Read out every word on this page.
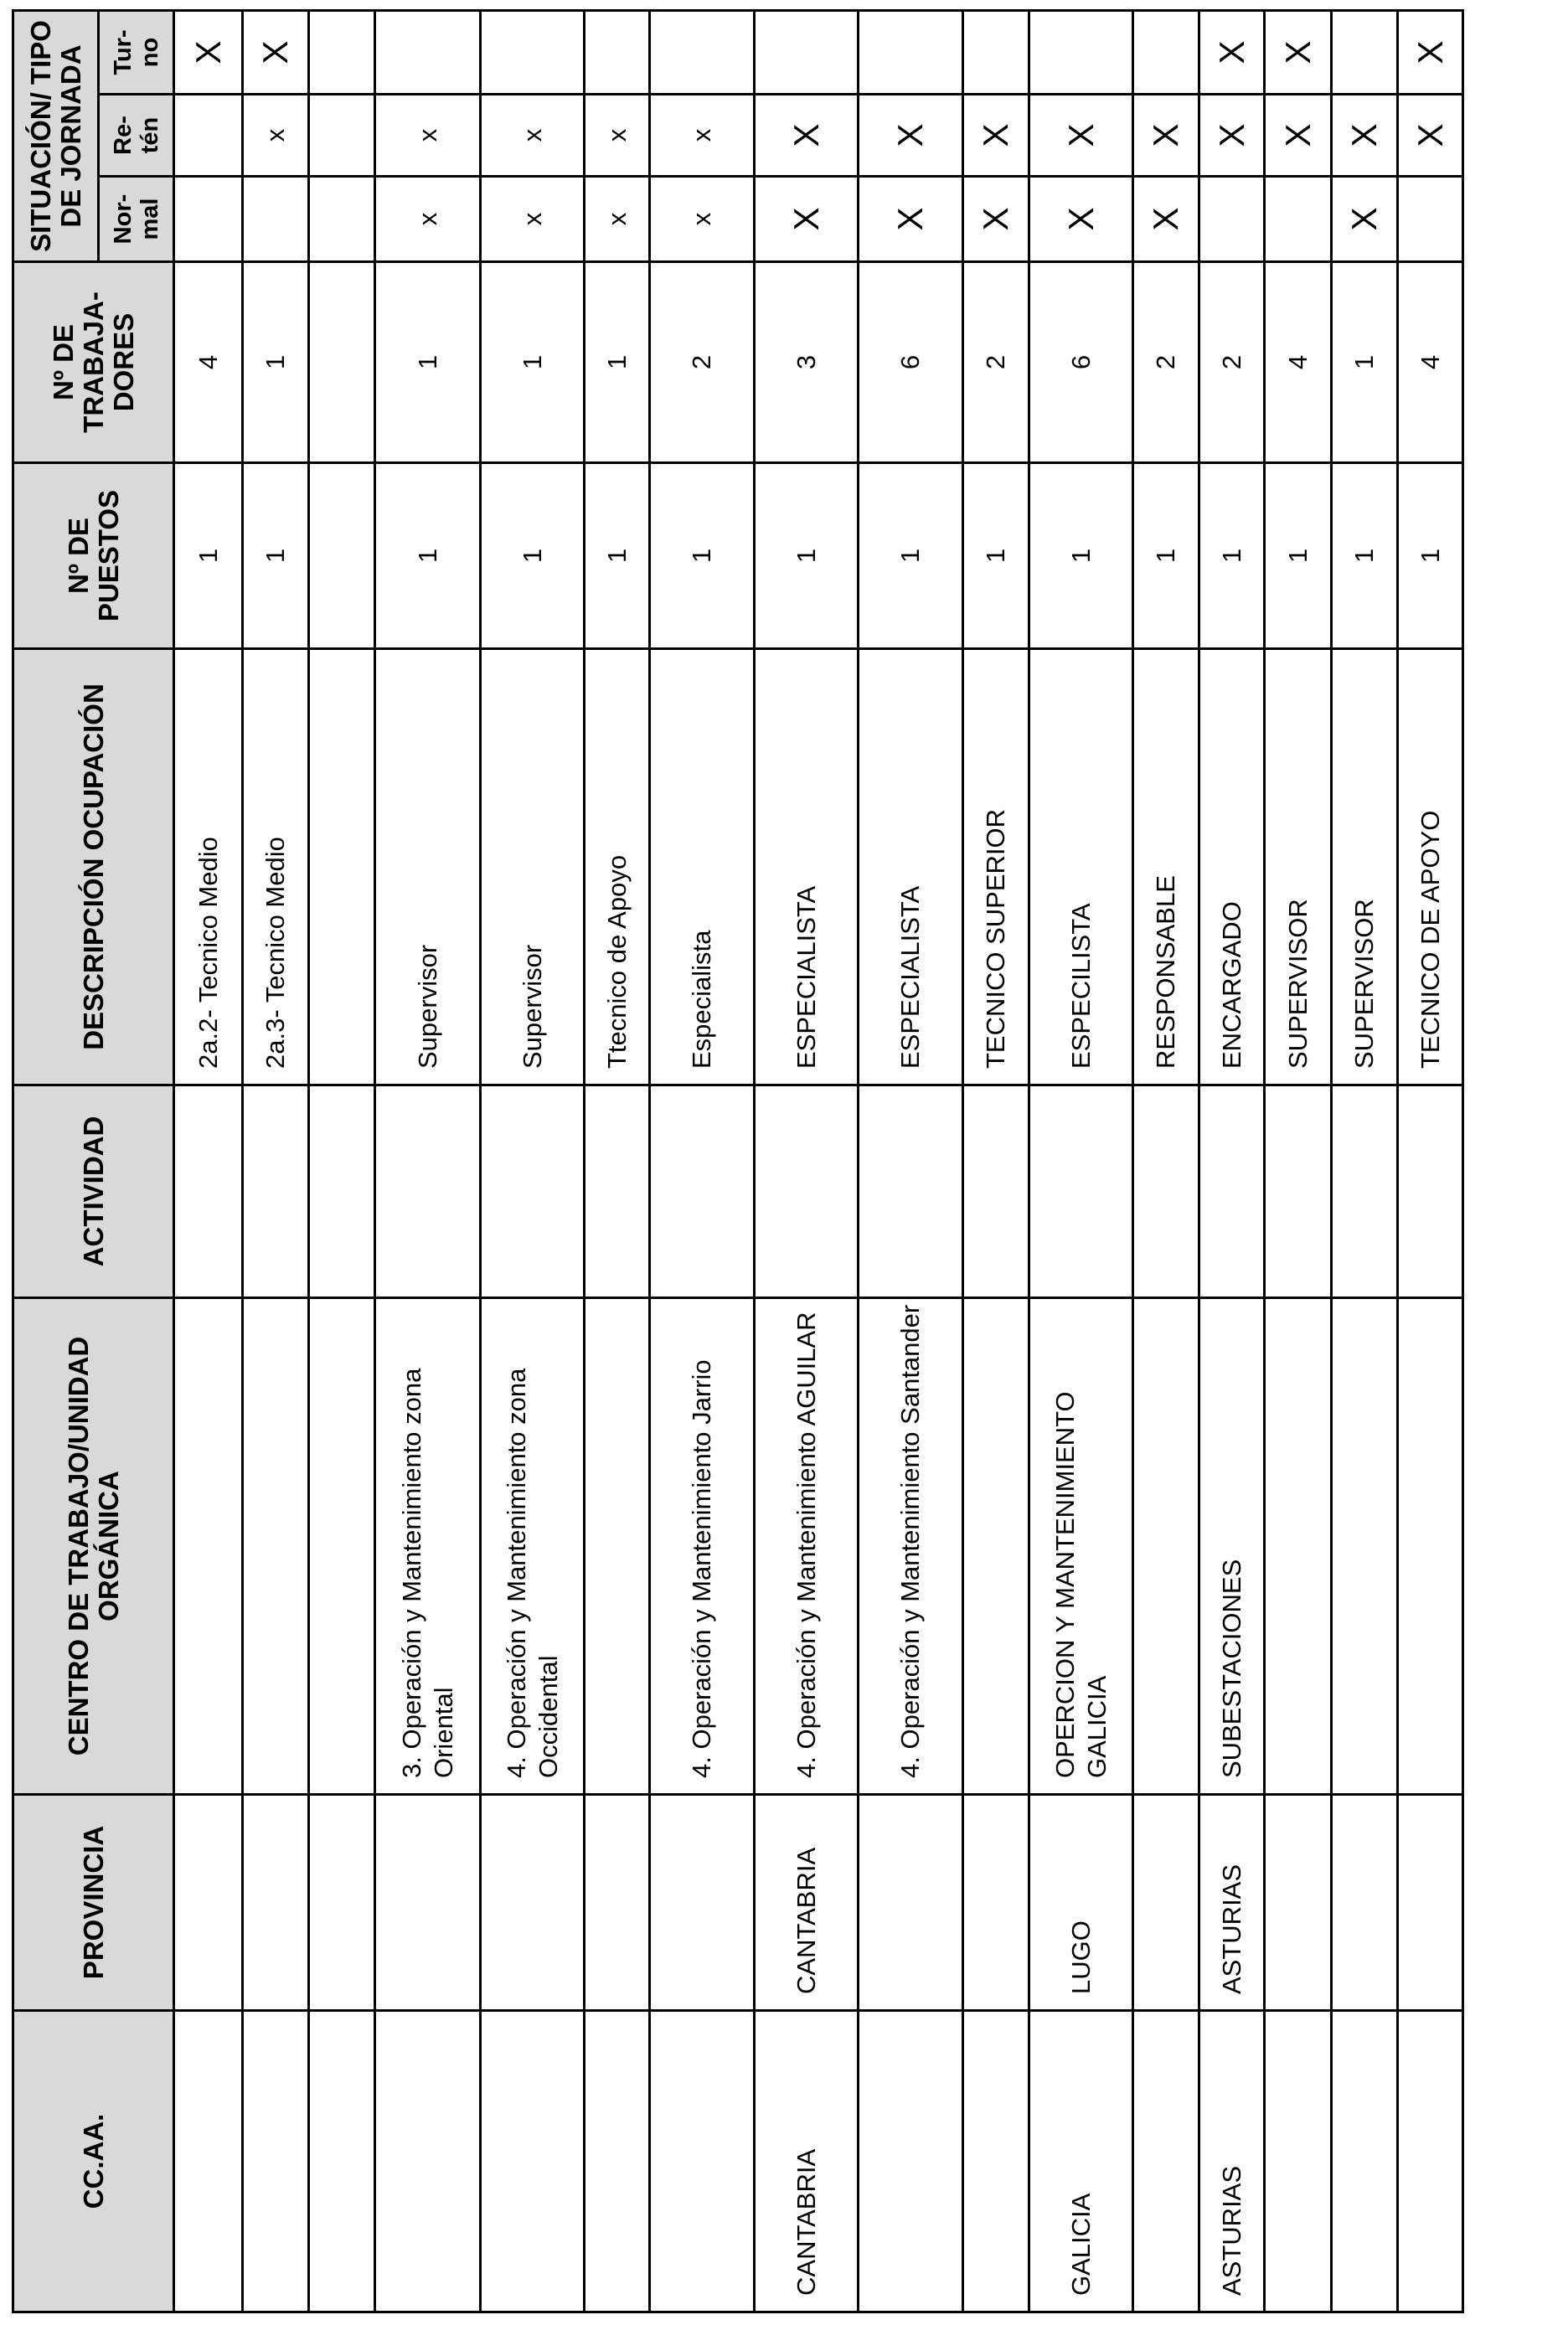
CC.AA.	PROVINCIA	CENTRO DE TRABAJO/UNIDAD ORGÁNICA	ACTIVIDAD	DESCRIPCIÓN OCUPACIÓN	Nº DE PUESTOS	Nº DE TRABAJA- DORES	SITUACIÓN/ TIPO DE JORNADA		
							Nor- mal	Re- tén	Tur- no
				2a.2- Tecnico Medio	1	4			X
				2a.3- Tecnico Medio	1	1		x	X

		3. Operación y Mantenimiento zona Oriental		Supervisor	1	1	x	x	
		4. Operación y Mantenimiento zona Occidental		Supervisor	1	1	x	x	
				Ttecnico de Apoyo	1	1	x	x	
		4. Operación y Mantenimiento Jarrio		Especialista	1	2	x	x	
CANTABRIA	CANTABRIA	4. Operación y Mantenimiento AGUILAR		ESPECIALISTA	1	3	X	X	
		4. Operación y Mantenimiento Santander		ESPECIALISTA	1	6	X	X	
				TECNICO SUPERIOR	1	2	X	X	
GALICIA	LUGO	OPERCION Y MANTENIMIENTO GALICIA		ESPECILISTA	1	6	X	X	
				RESPONSABLE	1	2	X	X	
ASTURIAS	ASTURIAS	SUBESTACIONES		ENCARGADO	1	2		X	X
				SUPERVISOR	1	4		X	X
				SUPERVISOR	1	1	X	X	
				TECNICO DE APOYO	1	4		X	X
